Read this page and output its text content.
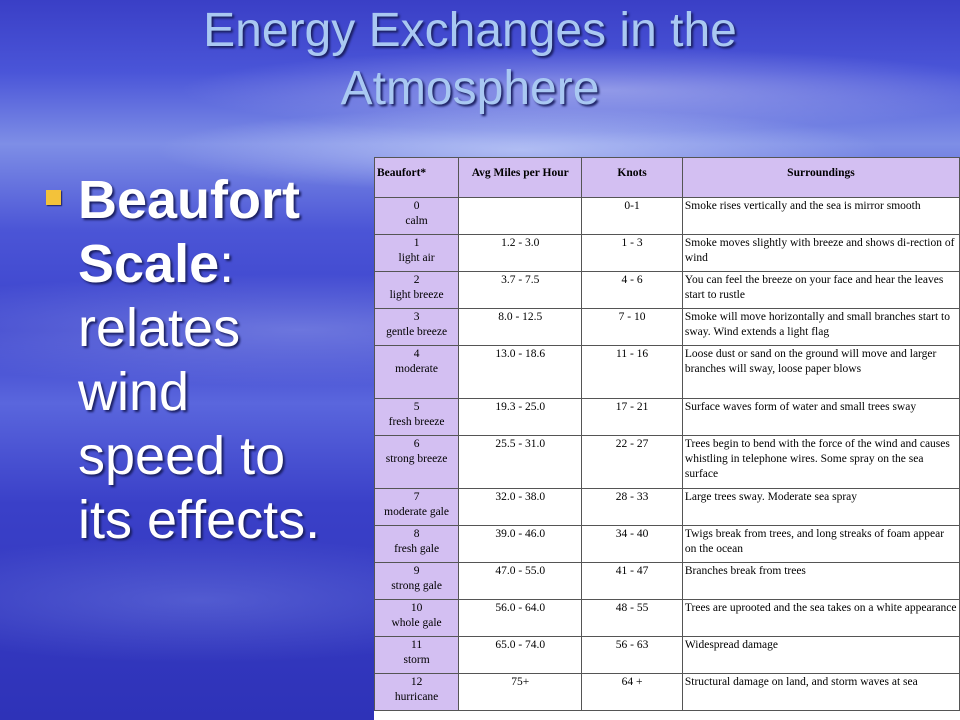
Energy Exchanges in the
Atmosphere
Beaufort
Scale:
relates
wind
speed to
its effects.
Beaufort*	Avg Miles per Hour	Knots	Surroundings

0
calm		0-1	Smoke rises vertically and the sea is mirror smooth

1
light air	1.2 - 3.0	1 - 3	Smoke moves slightly with breeze and shows di-rection of wind

2
light breeze	3.7 - 7.5	4 - 6	You can feel the breeze on your face and hear the leaves start to rustle

3
gentle breeze	8.0 - 12.5	7 - 10	Smoke will move horizontally and small branches start to sway. Wind extends a light flag

4
moderate	13.0 - 18.6	11 - 16	Loose dust or sand on the ground will move and larger branches will sway, loose paper blows

5
fresh breeze	19.3 - 25.0	17 - 21	Surface waves form of water and small trees sway

6
strong breeze	25.5 - 31.0	22 - 27	Trees begin to bend with the force of the wind and causes whistling in telephone wires. Some spray on the sea surface

7
moderate gale	32.0 - 38.0	28 - 33	Large trees sway. Moderate sea spray

8
fresh gale	39.0 - 46.0	34 - 40	Twigs break from trees, and long streaks of foam appear on the ocean

9
strong gale	47.0 - 55.0	41 - 47	Branches break from trees

10
whole gale	56.0 - 64.0	48 - 55	Trees are uprooted and the sea takes on a white appearance

11
storm	65.0 - 74.0	56 - 63	Widespread damage

12
hurricane	75+	64 +	Structural damage on land, and storm waves at sea
